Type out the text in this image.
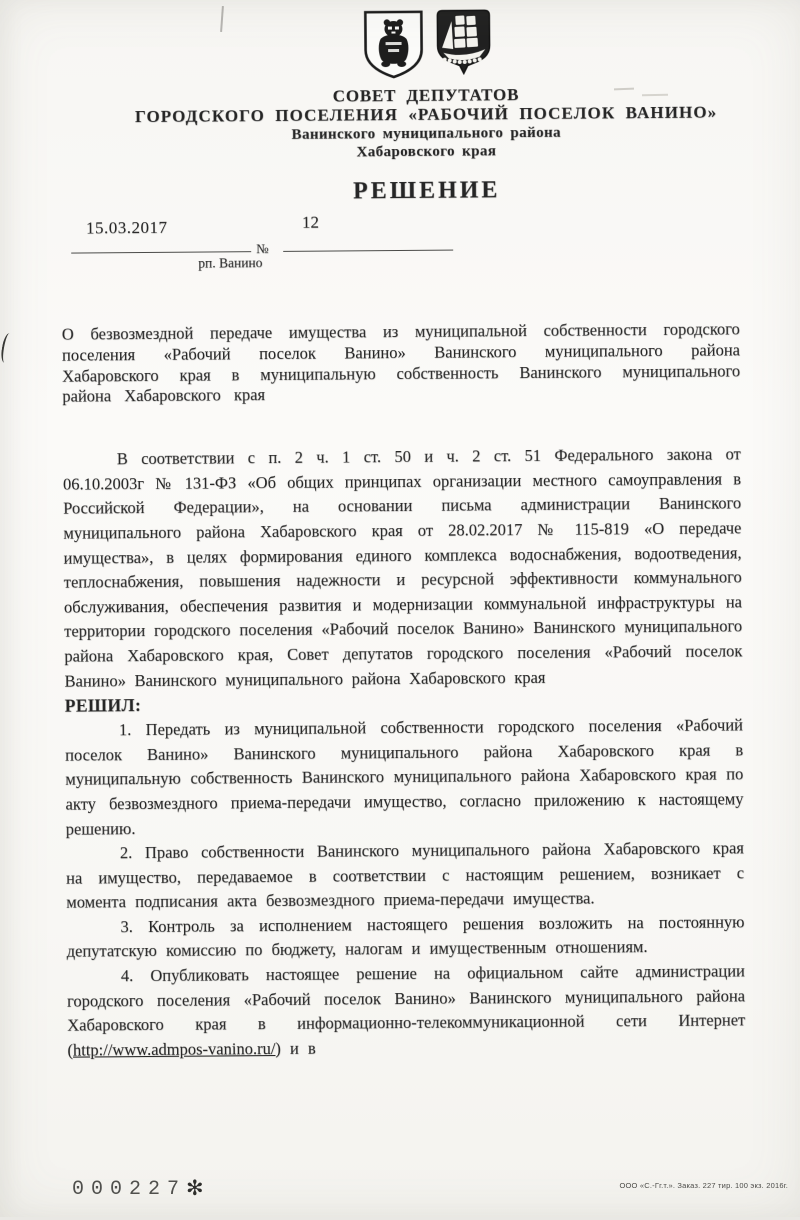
СОВЕТ ДЕПУТАТОВ
ГОРОДСКОГО ПОСЕЛЕНИЯ «РАБОЧИЙ ПОСЕЛОК ВАНИНО»
Ванинского муниципального района
Хабаровского края
РЕШЕНИЕ
15.03.2017	12
№
рп. Ванино

О безвозмездной передаче имущества из муниципальной собственности городского поселения «Рабочий поселок Ванино» Ванинского муниципального района Хабаровского края в муниципальную собственность Ванинского муниципального района Хабаровского края

В соответствии с п. 2 ч. 1 ст. 50 и ч. 2 ст. 51 Федерального закона от 06.10.2003г № 131-ФЗ «Об общих принципах организации местного самоуправления в Российской Федерации», на основании письма администрации Ванинского муниципального района Хабаровского края от 28.02.2017 № 115-819 «О передаче имущества», в целях формирования единого комплекса водоснабжения, водоотведения, теплоснабжения, повышения надежности и ресурсной эффективности коммунального обслуживания, обеспечения развития и модернизации коммунальной инфраструктуры на территории городского поселения «Рабочий поселок Ванино» Ванинского муниципального района Хабаровского края, Совет депутатов городского поселения «Рабочий поселок Ванино» Ванинского муниципального района Хабаровского края

РЕШИЛ:

1. Передать из муниципальной собственности городского поселения «Рабочий поселок Ванино» Ванинского муниципального района Хабаровского края в муниципальную собственность Ванинского муниципального района Хабаровского края по акту безвозмездного приема-передачи имущество, согласно приложению к настоящему решению.

2. Право собственности Ванинского муниципального района Хабаровского края на имущество, передаваемое в соответствии с настоящим решением, возникает с момента подписания акта безвозмездного приема-передачи имущества.

3. Контроль за исполнением настоящего решения возложить на постоянную депутатскую комиссию по бюджету, налогам и имущественным отношениям.

4. Опубликовать настоящее решение на официальном сайте администрации городского поселения «Рабочий поселок Ванино» Ванинского муниципального района Хабаровского края в информационно-телекоммуникационной сети Интернет (http://www.admpos-vanino.ru/) и в

000227 ✻	ООО «С.-Гг.т.». Заказ. 227 тир. 100 экз. 2016г.
